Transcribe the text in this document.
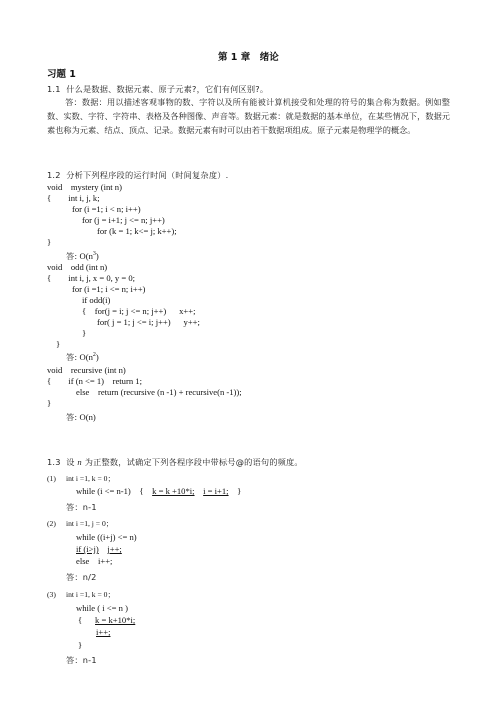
第 1 章　绪论
习题 1
1.1  什么是数据、数据元素、原子元素?，它们有何区别?。
答：数据：用以描述客观事物的数、字符以及所有能被计算机接受和处理的符号的集合称为数据。例如整数、实数、字符、字符串、表格及各种图像、声音等。数据元素：就是数据的基本单位，在某些情况下，数据元素也称为元素、结点、顶点、记录。数据元素有时可以由若干数据项组成。原子元素是物理学的概念。
1.2  分析下列程序段的运行时间（时间复杂度）.
void    mystery (int n)
{        int i, j, k;
for (i =1; i < n; i++)
for (j = i+1; j <= n; j++)
for (k = 1; k<= j; k++);
}
答: $O(n^3)$
void    odd (int n)
{        int i, j, x = 0, y = 0;
for (i =1; i <= n; i++)
if odd(i)
{    for(j = i; j <= n; j++)      x++;
for( j = 1; j <= i; j++)      y++;
}
}
答: $O(n^2)$
void    recursive (int n)
{        if (n <= 1)    return 1;
else    return (recursive (n -1) + recursive(n -1));
}
答: O(n)
1.3  设 n 为正整数，试确定下列各程序段中带标号@的语句的频度。
(1) int i =1, k = 0；
while (i <= n-1)    {    k = k +10*i; i = i+1;    }
答：n-1
(2) int i =1, j = 0；
while ((i+j) <= n)
if (i>j) j++;
else    i++;
答：n/2
(3) int i =1, k = 0；
while ( i <= n )
{      k = k+10*i;
i++;
}
答：n-1
